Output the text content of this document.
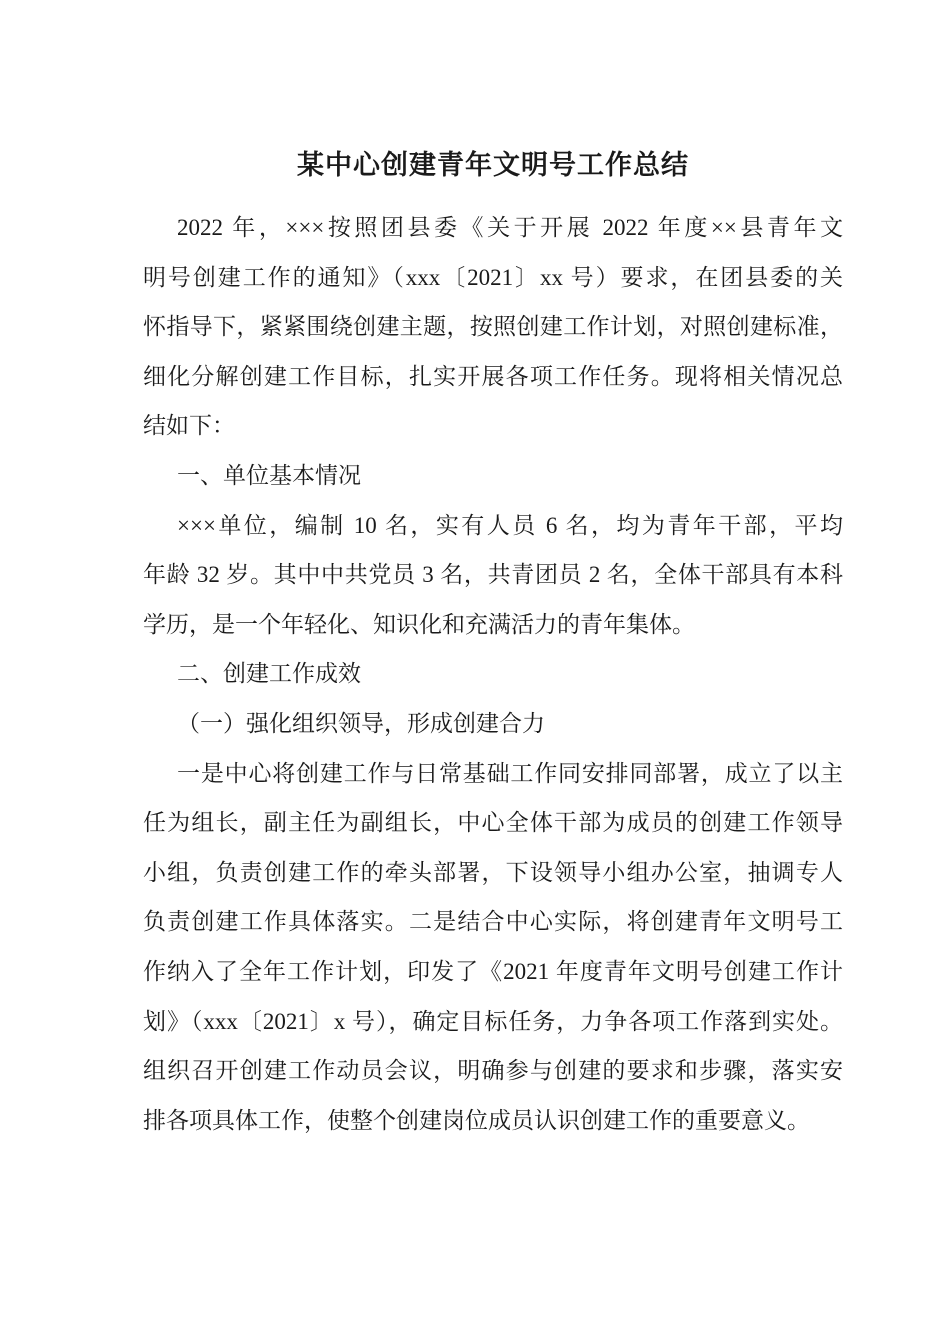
某中心创建青年文明号工作总结
2022 年，×××按照团县委《关于开展 2022 年度××县青年文
明号创建工作的通知》（xxx〔2021〕xx 号）要求，在团县委的关
怀指导下，紧紧围绕创建主题，按照创建工作计划，对照创建标准，
细化分解创建工作目标，扎实开展各项工作任务。现将相关情况总
结如下：
一、单位基本情况
×××单位，编制 10 名，实有人员 6 名，均为青年干部，平均
年龄 32 岁。其中中共党员 3 名，共青团员 2 名，全体干部具有本科
学历，是一个年轻化、知识化和充满活力的青年集体。
二、创建工作成效
（一）强化组织领导，形成创建合力
一是中心将创建工作与日常基础工作同安排同部署，成立了以主
任为组长，副主任为副组长，中心全体干部为成员的创建工作领导
小组，负责创建工作的牵头部署，下设领导小组办公室，抽调专人
负责创建工作具体落实。二是结合中心实际，将创建青年文明号工
作纳入了全年工作计划，印发了《2021 年度青年文明号创建工作计
划》（xxx〔2021〕x 号），确定目标任务，力争各项工作落到实处。
组织召开创建工作动员会议，明确参与创建的要求和步骤，落实安
排各项具体工作，使整个创建岗位成员认识创建工作的重要意义。
